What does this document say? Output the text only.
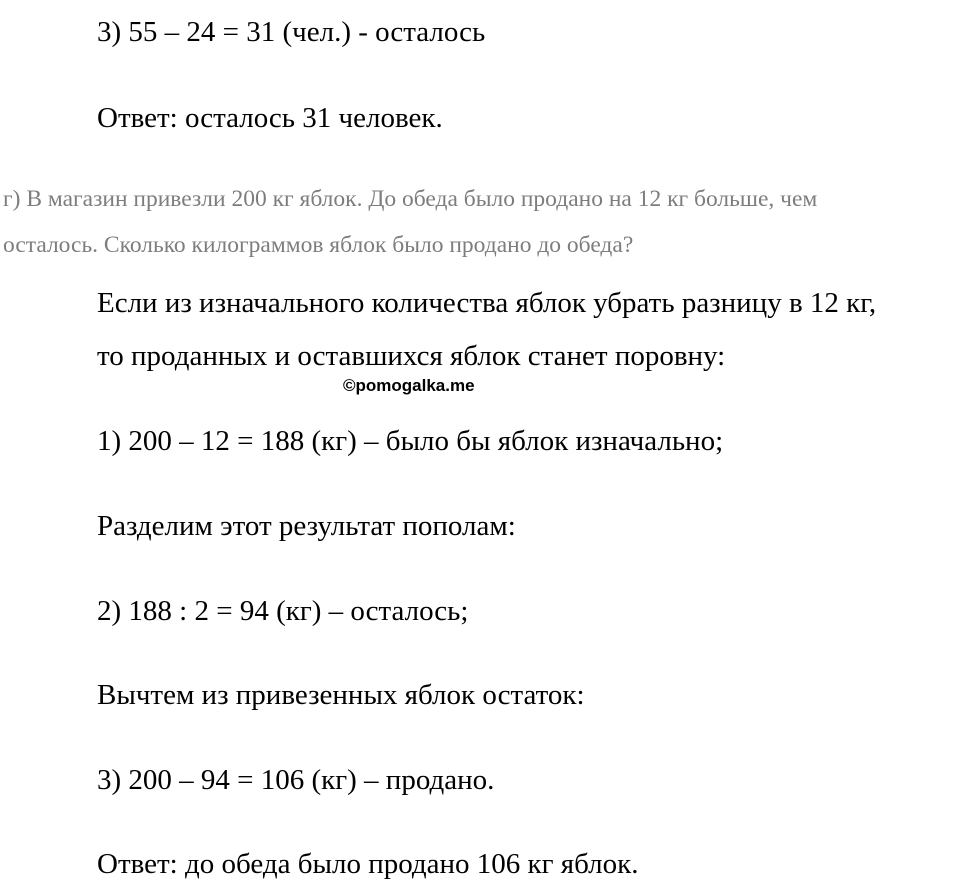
3) 55 – 24 = 31 (чел.) - осталось
Ответ: осталось 31 человек.
г) В магазин привезли 200 кг яблок. До обеда было продано на 12 кг больше, чем
осталось. Сколько килограммов яблок было продано до обеда?
Если из изначального количества яблок убрать разницу в 12 кг,
то проданных и оставшихся яблок станет поровну:
©pomogalka.me
1) 200 – 12 = 188 (кг) – было бы яблок изначально;
Разделим этот результат пополам:
2) 188 : 2 = 94 (кг) – осталось;
Вычтем из привезенных яблок остаток:
3) 200 – 94 = 106 (кг) – продано.
Ответ: до обеда было продано 106 кг яблок.
